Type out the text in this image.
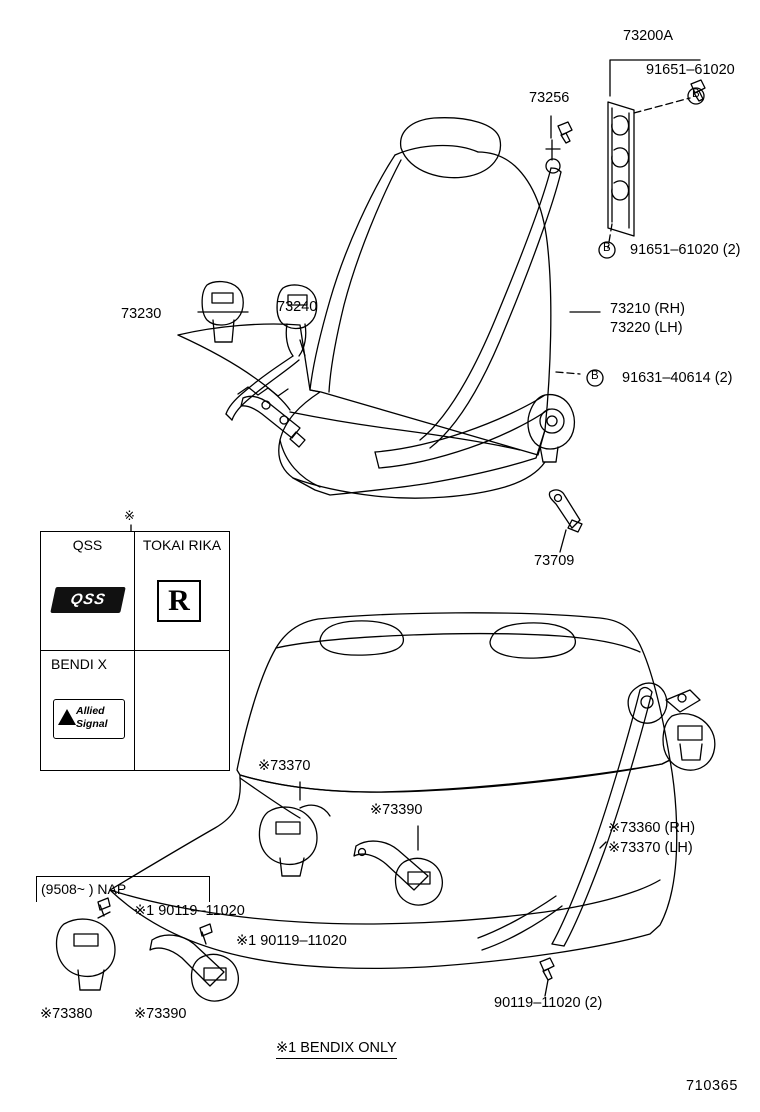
※
QSS
QSS
TOKAI RIKA
R
BENDI X
Allied
Signal
73200A
91651–61020
73256
91651–61020 (2)
73240
73230	73210 (RH)
73220 (LH)
91631–40614 (2)
73709
B
B
B
※73370
※73390
※73360 (RH)
※73370 (LH)
90119–11020 (2)
※1 90119–11020
※1 90119–11020
※73380	※73390
(9508~ ) NAP
※1 BENDIX ONLY
710365
